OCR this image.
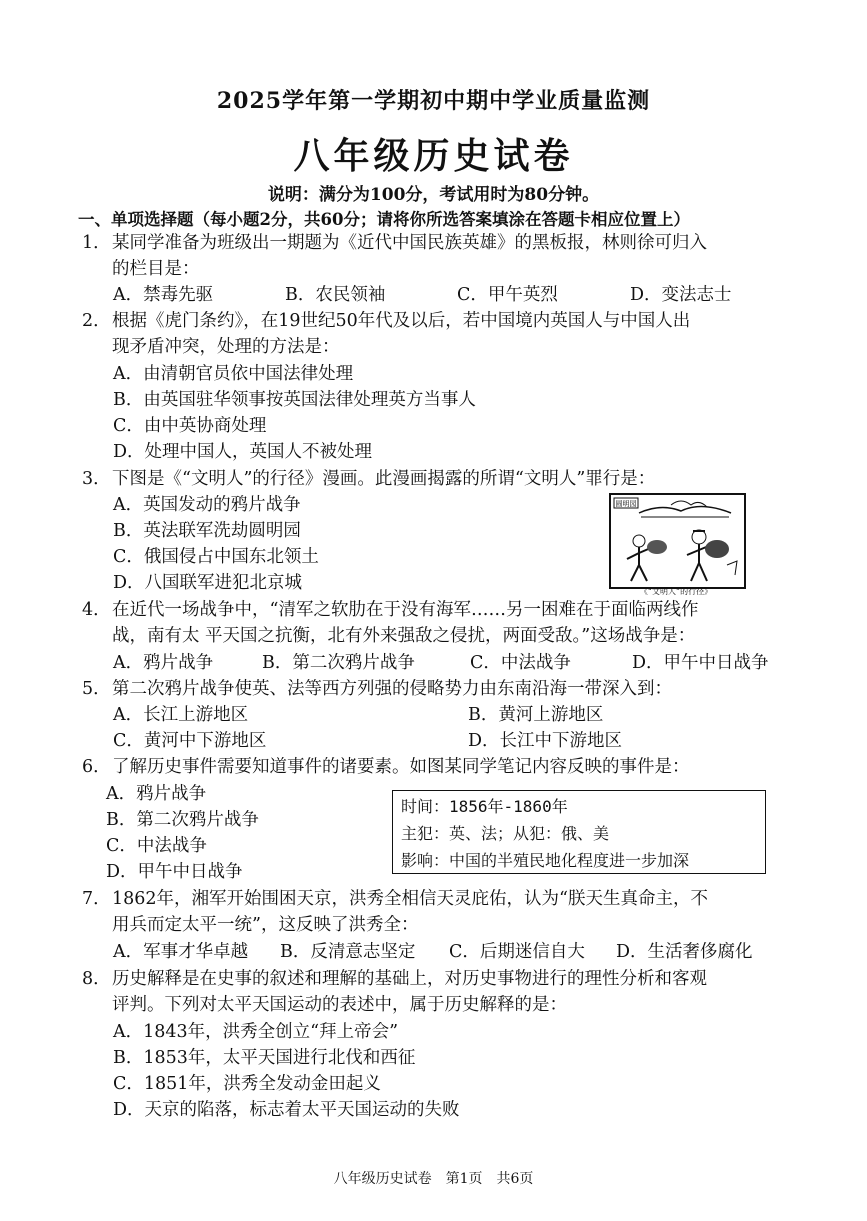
2025学年第一学期初中期中学业质量监测
八年级历史试卷
说明：满分为100分，考试用时为80分钟。
一、单项选择题（每小题2分，共60分；请将你所选答案填涂在答题卡相应位置上）
1．某同学准备为班级出一期题为《近代中国民族英雄》的黑板报，林则徐可归入
的栏目是：
A．禁毒先驱	B．农民领袖	C．甲午英烈	D．变法志士
2．根据《虎门条约》，在19世纪50年代及以后，若中国境内英国人与中国人出
现矛盾冲突，处理的方法是：
A．由清朝官员依中国法律处理
B．由英国驻华领事按英国法律处理英方当事人
C．由中英协商处理
D．处理中国人，英国人不被处理
3．下图是《“文明人”的行径》漫画。此漫画揭露的所谓“文明人”罪行是：
A．英国发动的鸦片战争
B．英法联军洗劫圆明园
C．俄国侵占中国东北领土
D．八国联军进犯北京城
圆明园
《“文明人”的行径》
4．在近代一场战争中，“清军之软肋在于没有海军……另一困难在于面临两线作
战，南有太 平天国之抗衡，北有外来强敌之侵扰，两面受敌。”这场战争是：
A．鸦片战争	B．第二次鸦片战争	C．中法战争	D．甲午中日战争
5．第二次鸦片战争使英、法等西方列强的侵略势力由东南沿海一带深入到：
A．长江上游地区	B．黄河上游地区
C．黄河中下游地区	D．长江中下游地区
6．了解历史事件需要知道事件的诸要素。如图某同学笔记内容反映的事件是：
A．鸦片战争
B．第二次鸦片战争
C．中法战争
D．甲午中日战争
时间：1856年-1860年
主犯：英、法；从犯：俄、美
影响：中国的半殖民地化程度进一步加深
7．1862年，湘军开始围困天京，洪秀全相信天灵庇佑，认为“朕天生真命主，不
用兵而定太平一统”，这反映了洪秀全：
A．军事才华卓越 B．反清意志坚定 C．后期迷信自大 D．生活奢侈腐化
8．历史解释是在史事的叙述和理解的基础上，对历史事物进行的理性分析和客观
评判。下列对太平天国运动的表述中，属于历史解释的是：
A．1843年，洪秀全创立“拜上帝会”
B．1853年，太平天国进行北伐和西征
C．1851年，洪秀全发动金田起义
D．天京的陷落，标志着太平天国运动的失败
八年级历史试卷　第1页　共6页
